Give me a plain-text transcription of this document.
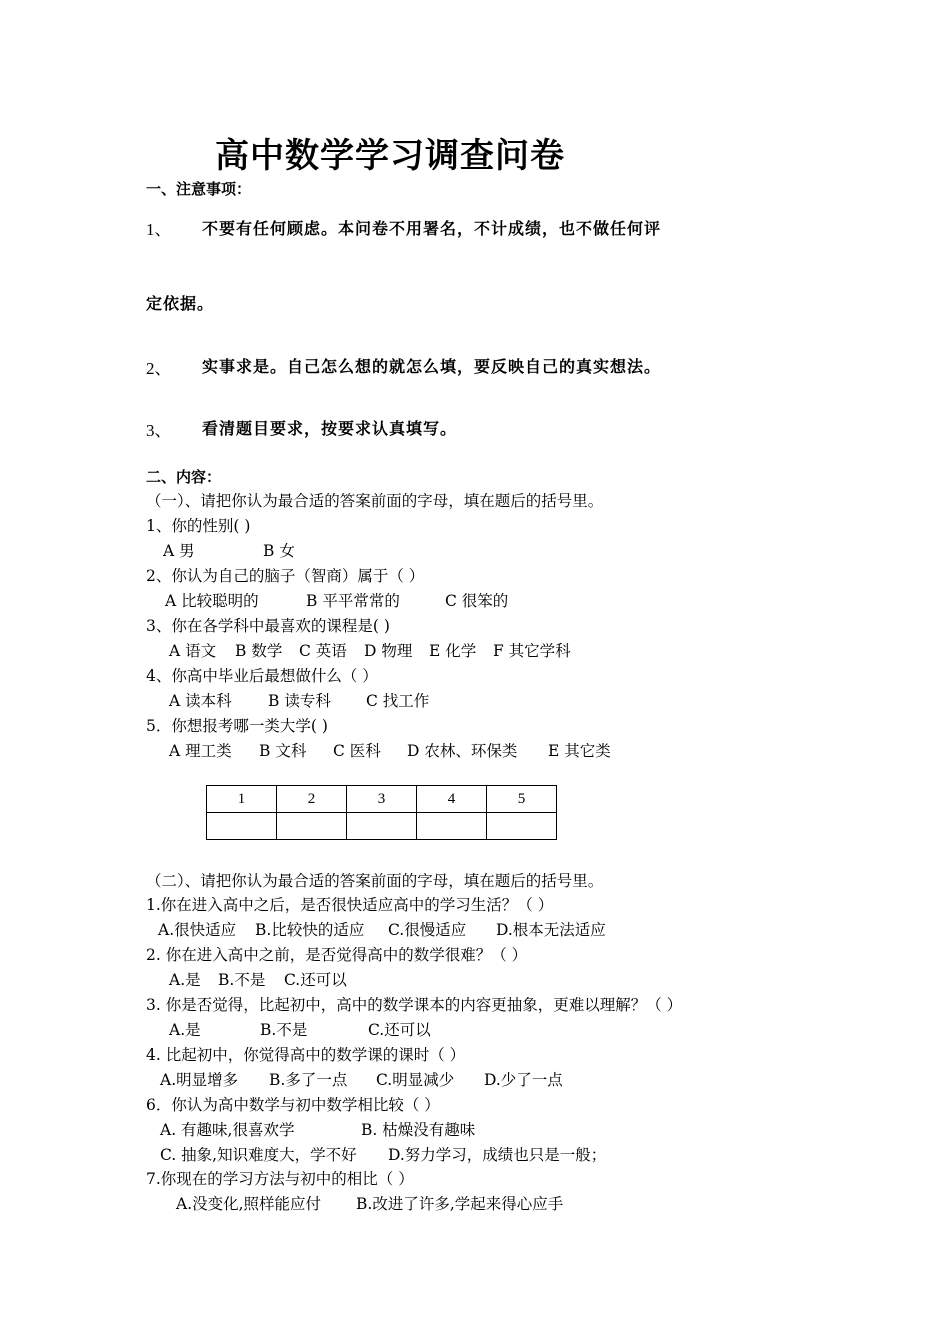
高中数学学习调查问卷
一、注意事项：
1、 不要有任何顾虑。本问卷不用署名，不计成绩，也不做任何评
定依据。
2、 实事求是。自己怎么想的就怎么填，要反映自己的真实想法。
3、 看清题目要求，按要求认真填写。
二、内容：
（一）、请把你认为最合适的答案前面的字母，填在题后的括号里。
1、你的性别( )
A 男	B 女
2、你认为自己的脑子（智商）属于（ ）
A 比较聪明的	B 平平常常的	C 很笨的
3、你在各学科中最喜欢的课程是( )
A 语文 B 数学 C 英语 D 物理 E 化学 F 其它学科
4、你高中毕业后最想做什么（ ）
A 读本科 B 读专科 C 找工作
5．你想报考哪一类大学( )
A 理工类 B 文科 C 医科 D 农林、环保类 E 其它类
1	2	3	4	5

（二）、请把你认为最合适的答案前面的字母，填在题后的括号里。
1.你在进入高中之后，是否很快适应高中的学习生活？（ ）
A.很快适应 B.比较快的适应 C.很慢适应 D.根本无法适应
2. 你在进入高中之前，是否觉得高中的数学很难？（ ）
A.是 B.不是 C.还可以
3. 你是否觉得，比起初中，高中的数学课本的内容更抽象，更难以理解？（ ）
A.是	B.不是	C.还可以
4. 比起初中，你觉得高中的数学课的课时（ ）
A.明显增多 B.多了一点 C.明显减少 D.少了一点
6．你认为高中数学与初中数学相比较（ ）
A. 有趣味,很喜欢学	B. 枯燥没有趣味
C. 抽象,知识难度大，学不好 D.努力学习，成绩也只是一般；
7.你现在的学习方法与初中的相比（ ）
A.没变化,照样能应付 B.改进了许多,学起来得心应手
